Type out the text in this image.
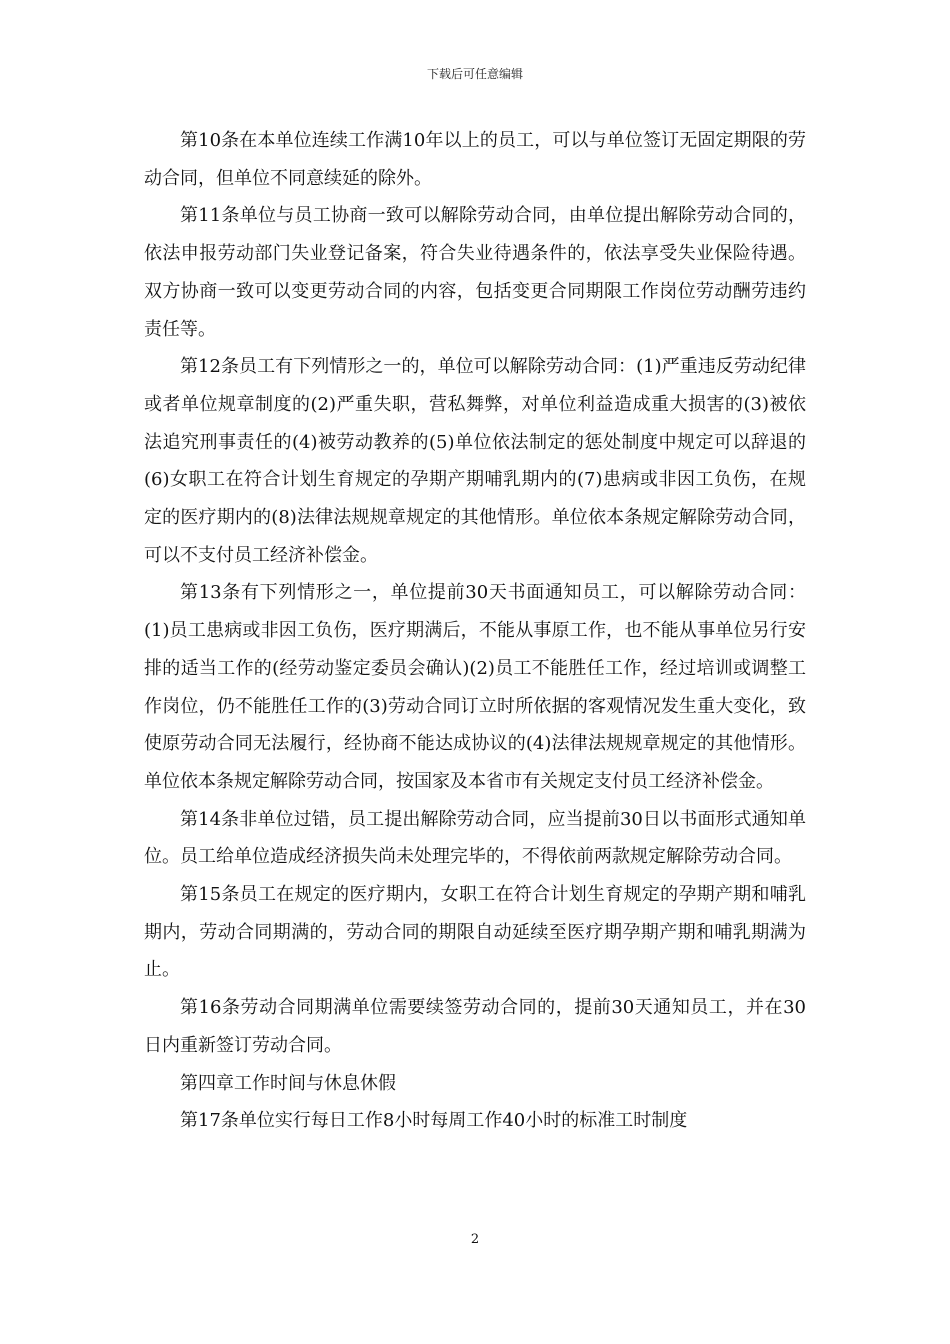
下载后可任意编辑

第10条在本单位连续工作满10年以上的员工，可以与单位签订无固定期限的劳动合同，但单位不同意续延的除外。

第11条单位与员工协商一致可以解除劳动合同，由单位提出解除劳动合同的，依法申报劳动部门失业登记备案，符合失业待遇条件的，依法享受失业保险待遇。双方协商一致可以变更劳动合同的内容，包括变更合同期限工作岗位劳动酬劳违约责任等。

第12条员工有下列情形之一的，单位可以解除劳动合同：(1)严重违反劳动纪律或者单位规章制度的(2)严重失职，营私舞弊，对单位利益造成重大损害的(3)被依法追究刑事责任的(4)被劳动教养的(5)单位依法制定的惩处制度中规定可以辞退的(6)女职工在符合计划生育规定的孕期产期哺乳期内的(7)患病或非因工负伤，在规定的医疗期内的(8)法律法规规章规定的其他情形。单位依本条规定解除劳动合同，可以不支付员工经济补偿金。

第13条有下列情形之一，单位提前30天书面通知员工，可以解除劳动合同：(1)员工患病或非因工负伤，医疗期满后，不能从事原工作，也不能从事单位另行安排的适当工作的(经劳动鉴定委员会确认)(2)员工不能胜任工作，经过培训或调整工作岗位，仍不能胜任工作的(3)劳动合同订立时所依据的客观情况发生重大变化，致使原劳动合同无法履行，经协商不能达成协议的(4)法律法规规章规定的其他情形。单位依本条规定解除劳动合同，按国家及本省市有关规定支付员工经济补偿金。

第14条非单位过错，员工提出解除劳动合同，应当提前30日以书面形式通知单位。员工给单位造成经济损失尚未处理完毕的，不得依前两款规定解除劳动合同。

第15条员工在规定的医疗期内，女职工在符合计划生育规定的孕期产期和哺乳期内，劳动合同期满的，劳动合同的期限自动延续至医疗期孕期产期和哺乳期满为止。

第16条劳动合同期满单位需要续签劳动合同的，提前30天通知员工，并在30日内重新签订劳动合同。

第四章工作时间与休息休假

第17条单位实行每日工作8小时每周工作40小时的标准工时制度

2
